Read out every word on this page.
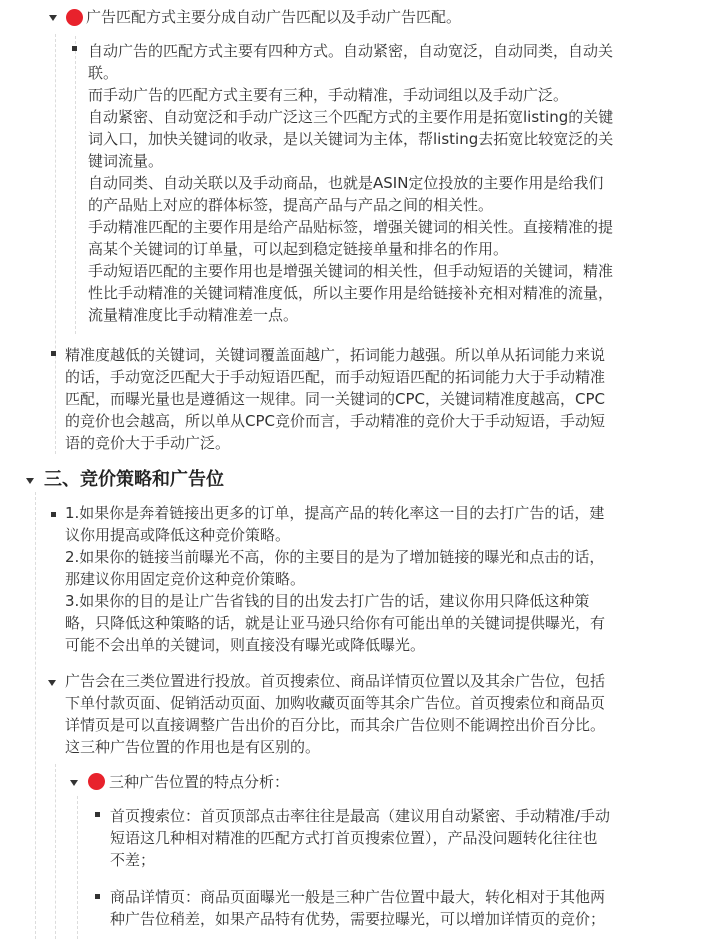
广告匹配方式主要分成自动广告匹配以及手动广告匹配。
自动广告的匹配方式主要有四种方式。自动紧密，自动宽泛，自动同类，自动关
联。
而手动广告的匹配方式主要有三种，手动精准，手动词组以及手动广泛。
自动紧密、自动宽泛和手动广泛这三个匹配方式的主要作用是拓宽listing的关键
词入口，加快关键词的收录，是以关键词为主体，帮listing去拓宽比较宽泛的关
键词流量。
自动同类、自动关联以及手动商品，也就是ASIN定位投放的主要作用是给我们
的产品贴上对应的群体标签，提高产品与产品之间的相关性。
手动精准匹配的主要作用是给产品贴标签，增强关键词的相关性。直接精准的提
高某个关键词的订单量，可以起到稳定链接单量和排名的作用。
手动短语匹配的主要作用也是增强关键词的相关性，但手动短语的关键词，精准
性比手动精准的关键词精准度低，所以主要作用是给链接补充相对精准的流量，
流量精准度比手动精准差一点。
精准度越低的关键词，关键词覆盖面越广，拓词能力越强。所以单从拓词能力来说
的话，手动宽泛匹配大于手动短语匹配，而手动短语匹配的拓词能力大于手动精准
匹配，而曝光量也是遵循这一规律。同一关键词的CPC，关键词精准度越高，CPC
的竞价也会越高，所以单从CPC竞价而言，手动精准的竞价大于手动短语，手动短
语的竞价大于手动广泛。
三、竞价策略和广告位
1.如果你是奔着链接出更多的订单，提高产品的转化率这一目的去打广告的话，建
议你用提高或降低这种竞价策略。
2.如果你的链接当前曝光不高，你的主要目的是为了增加链接的曝光和点击的话，
那建议你用固定竞价这种竞价策略。
3.如果你的目的是让广告省钱的目的出发去打广告的话，建议你用只降低这种策
略，只降低这种策略的话，就是让亚马逊只给你有可能出单的关键词提供曝光，有
可能不会出单的关键词，则直接没有曝光或降低曝光。
广告会在三类位置进行投放。首页搜索位、商品详情页位置以及其余广告位，包括
下单付款页面、促销活动页面、加购收藏页面等其余广告位。首页搜索位和商品页
详情页是可以直接调整广告出价的百分比，而其余广告位则不能调控出价百分比。
这三种广告位置的作用也是有区别的。
三种广告位置的特点分析：
首页搜索位：首页顶部点击率往往是最高（建议用自动紧密、手动精准/手动
短语这几种相对精准的匹配方式打首页搜索位置），产品没问题转化往往也
不差；
商品详情页：商品页面曝光一般是三种广告位置中最大，转化相对于其他两
种广告位稍差，如果产品特有优势，需要拉曝光，可以增加详情页的竞价；
